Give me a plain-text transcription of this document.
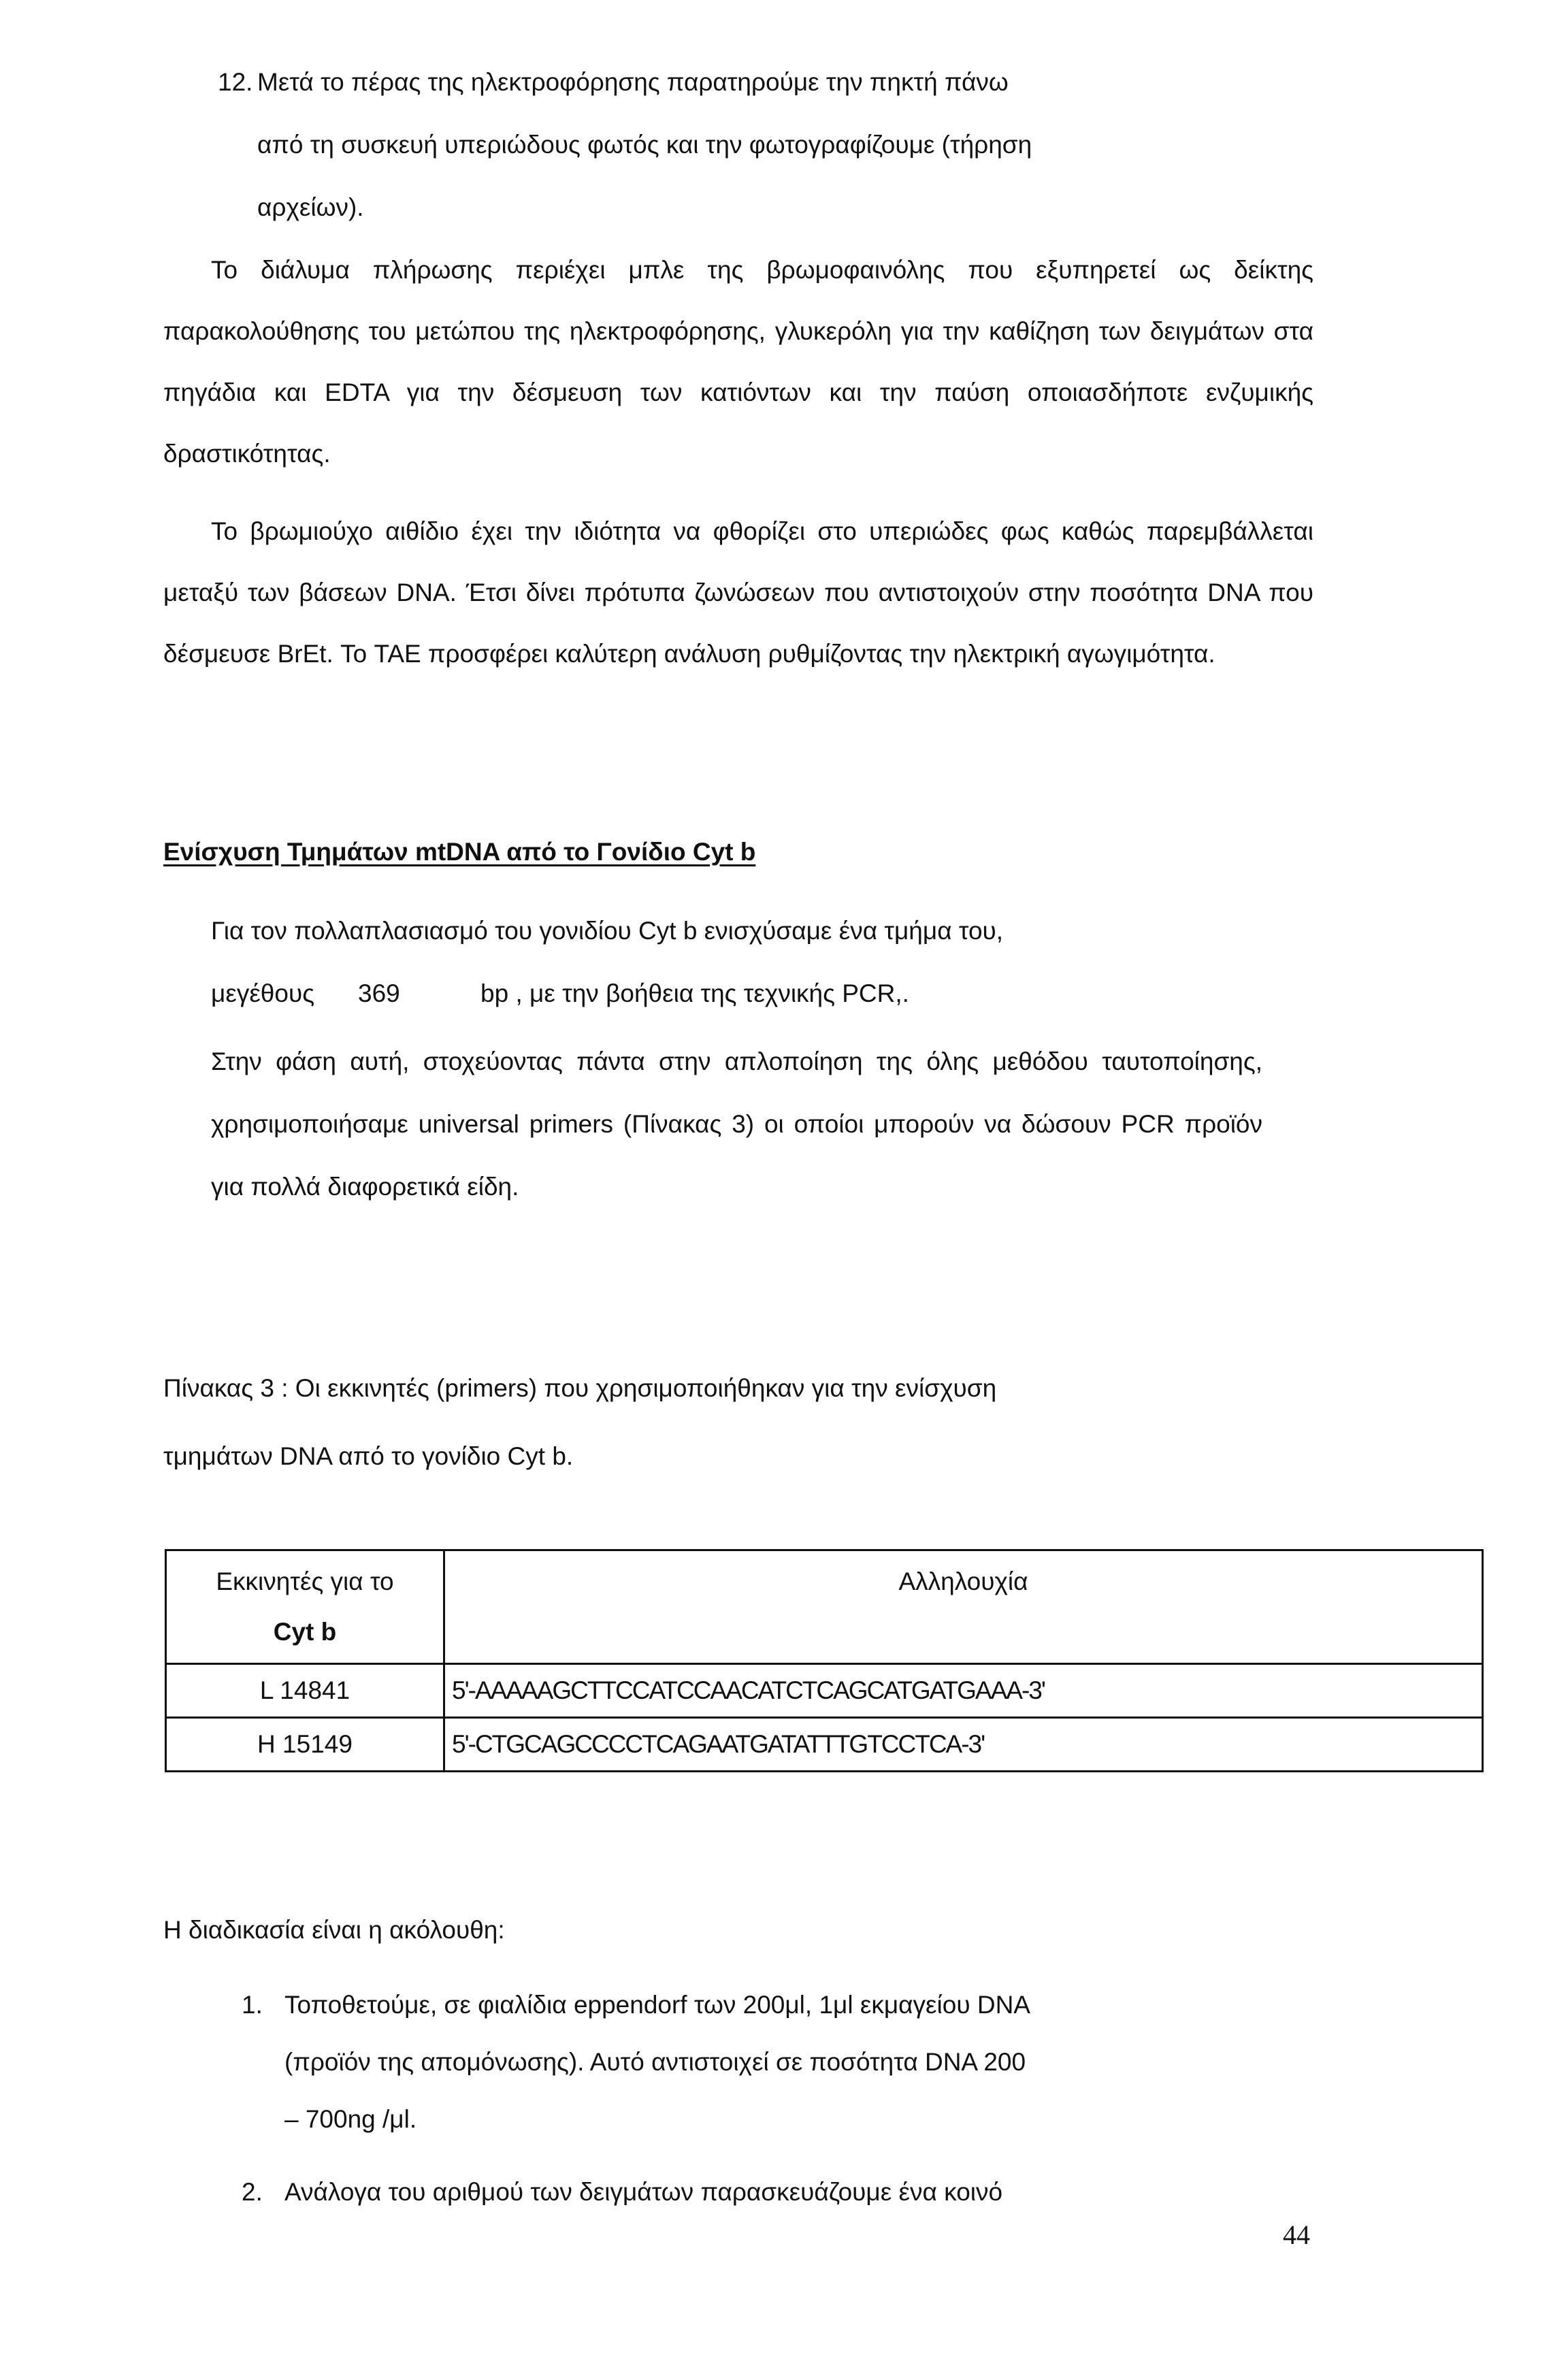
12. Μετά το πέρας της ηλεκτροφόρησης παρατηρούμε την πηκτή πάνω
από τη συσκευή υπεριώδους φωτός και την φωτογραφίζουμε (τήρηση
αρχείων).

Το διάλυμα πλήρωσης περιέχει μπλε της βρωμοφαινόλης που εξυπηρετεί ως δείκτης παρακολούθησης του μετώπου της ηλεκτροφόρησης, γλυκερόλη για την καθίζηση των δειγμάτων στα πηγάδια και EDTA για την δέσμευση των κατιόντων και την παύση οποιασδήποτε ενζυμικής δραστικότητας.

Το βρωμιούχο αιθίδιο έχει την ιδιότητα να φθορίζει στο υπεριώδες φως καθώς παρεμβάλλεται μεταξύ των βάσεων DNA. Έτσι δίνει πρότυπα ζωνώσεων που αντιστοιχούν στην ποσότητα DNA που δέσμευσε BrEt. Το TAE προσφέρει καλύτερη ανάλυση ρυθμίζοντας την ηλεκτρική αγωγιμότητα.

Ενίσχυση Τμημάτων mtDNA από το Γονίδιο Cyt b
Για τον πολλαπλασιασμό του γονιδίου Cyt b ενισχύσαμε ένα τμήμα του,
μεγέθους 369	bp , με την βοήθεια της τεχνικής PCR,.

Στην φάση αυτή, στοχεύοντας πάντα στην απλοποίηση της όλης μεθόδου ταυτοποίησης, χρησιμοποιήσαμε universal primers (Πίνακας 3) οι οποίοι μπορούν να δώσουν PCR προϊόν για πολλά διαφορετικά είδη.

Πίνακας 3 : Οι εκκινητές (primers) που χρησιμοποιήθηκαν για την ενίσχυση
τμημάτων DNA από το γονίδιο Cyt b.
Εκκινητές για το
Cyt b	Αλληλουχία
L 14841	5'-AAAAAGCTTCCATCCAACATCTCAGCATGATGAAA-3'
H 15149	5'-CTGCAGCCCCTCAGAATGATATTTGTCCTCA-3'
Η διαδικασία είναι η ακόλουθη:
1. Τοποθετούμε, σε φιαλίδια eppendorf των 200μl, 1μl εκμαγείου DNA
(προϊόν της απομόνωσης). Αυτό αντιστοιχεί σε ποσότητα DNA 200
– 700ng /μl.
2. Ανάλογα του αριθμού των δειγμάτων παρασκευάζουμε ένα κοινό
44
